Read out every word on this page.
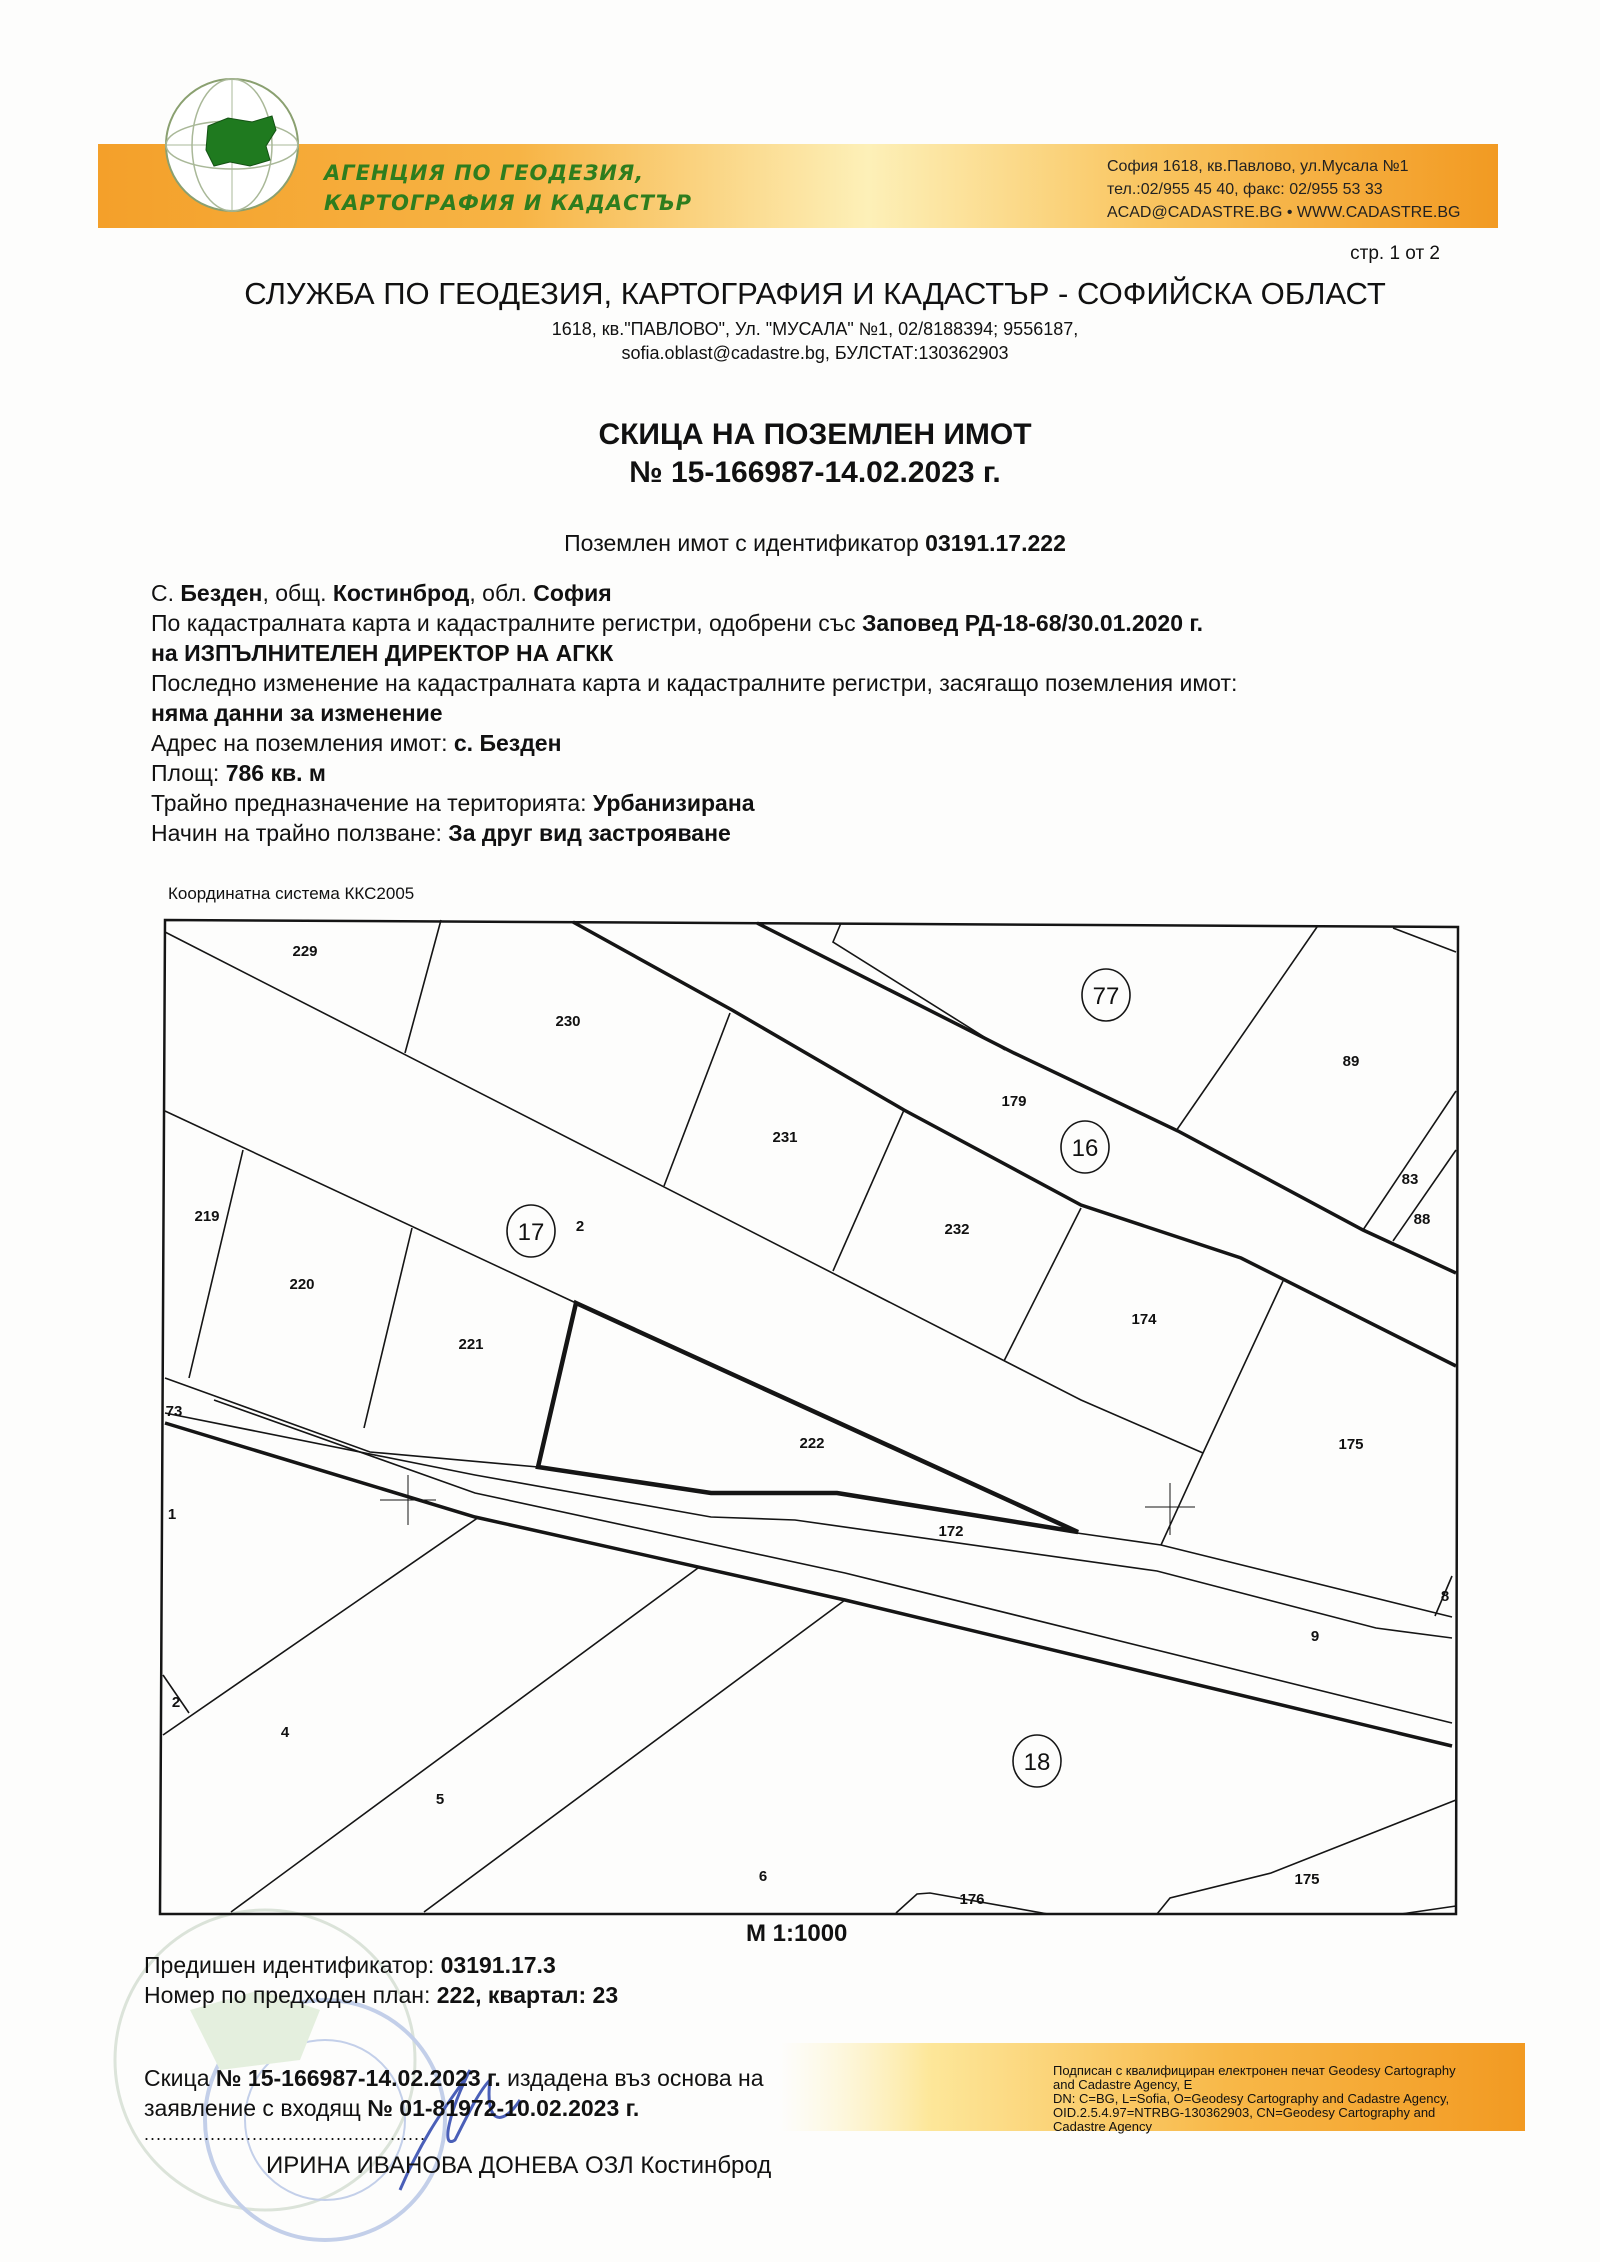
АГЕНЦИЯ ПО ГЕОДЕЗИЯ,
КАРТОГРАФИЯ И КАДАСТЪР
София 1618, кв.Павлово, ул.Мусала №1
тел.:02/955 45 40, факс: 02/955 53 33
ACAD@CADASTRE.BG • WWW.CADASTRE.BG
стр. 1 от 2
СЛУЖБА ПО ГЕОДЕЗИЯ, КАРТОГРАФИЯ И КАДАСТЪР - СОФИЙСКА ОБЛАСТ
1618, кв."ПАВЛОВО", Ул. "МУСАЛА" №1, 02/8188394; 9556187,
sofia.oblast@cadastre.bg, БУЛСТАТ:130362903
СКИЦА НА ПОЗЕМЛЕН ИМОТ
№ 15-166987-14.02.2023 г.
Поземлен имот с идентификатор 03191.17.222
С. Безден, общ. Костинброд, обл. София
По кадастралната карта и кадастралните регистри, одобрени със Заповед РД-18-68/30.01.2020 г.
на ИЗПЪЛНИТЕЛЕН ДИРЕКТОР НА АГКК
Последно изменение на кадастралната карта и кадастралните регистри, засягащо поземления имот:
няма данни за изменение
Адрес на поземления имот: с. Безден
Площ: 786 кв. м
Трайно предназначение на територията: Урбанизирана
Начин на трайно ползване: За друг вид застрояване
Координатна система ККС2005
229
230
77
89
179
231	16
83
88
219
17 2	232
220
174
221
73
222	175
1
172
9
2
4
18
5
6
176
175
8
М 1:1000
Предишен идентификатор: 03191.17.3
Номер по предходен план: 222, квартал: 23
Скица № 15-166987-14.02.2023 г. издадена въз основа на
заявление с входящ № 01-81972-10.02.2023 г.
...............................................
ИРИНА ИВАНОВА ДОНЕВА ОЗЛ Костинброд
Подписан с квалифициран електронен печат Geodesy Cartography
and Cadastre Agency, E
DN: C=BG, L=Sofia, O=Geodesy Cartography and Cadastre Agency,
OID.2.5.4.97=NTRBG-130362903, CN=Geodesy Cartography and
Cadastre Agency
